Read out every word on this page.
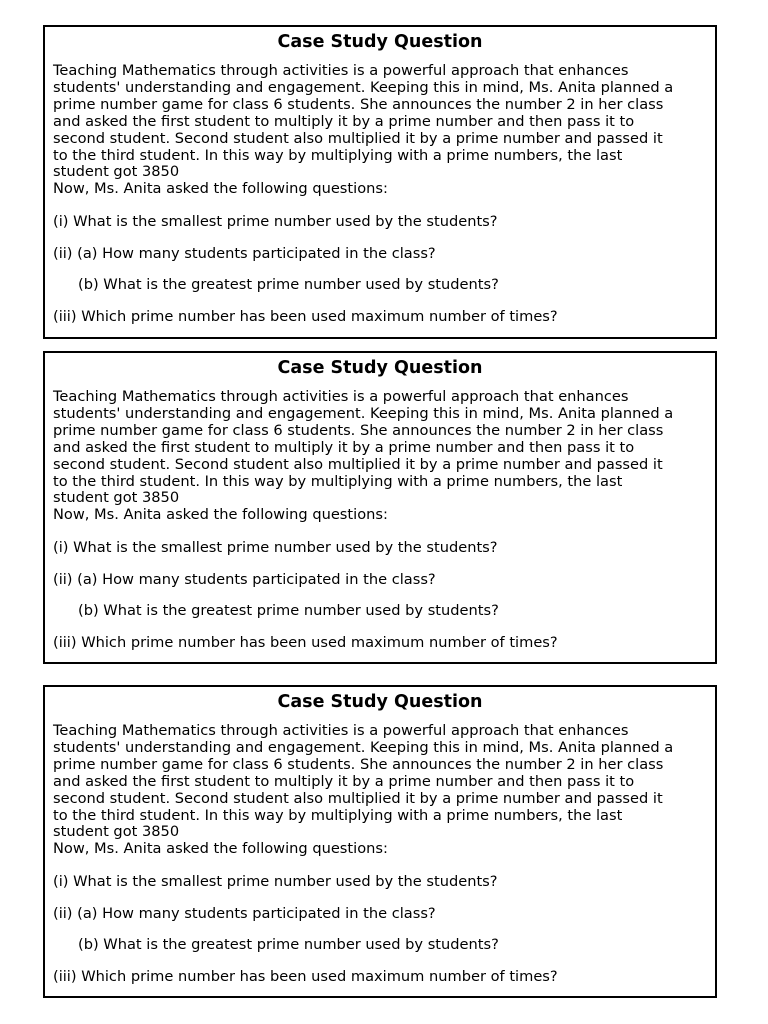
Case Study Question
Teaching Mathematics through activities is a powerful approach that enhances
students' understanding and engagement. Keeping this in mind, Ms. Anita planned a
prime number game for class 6 students. She announces the number 2 in her class
and asked the first student to multiply it by a prime number and then pass it to
second student. Second student also multiplied it by a prime number and passed it
to the third student. In this way by multiplying with a prime numbers, the last
student got 3850
Now, Ms. Anita asked the following questions:

(i) What is the smallest prime number used by the students?

(ii) (a) How many students participated in the class?

(b) What is the greatest prime number used by students?

(iii) Which prime number has been used maximum number of times?

Case Study Question
Teaching Mathematics through activities is a powerful approach that enhances
students' understanding and engagement. Keeping this in mind, Ms. Anita planned a
prime number game for class 6 students. She announces the number 2 in her class
and asked the first student to multiply it by a prime number and then pass it to
second student. Second student also multiplied it by a prime number and passed it
to the third student. In this way by multiplying with a prime numbers, the last
student got 3850
Now, Ms. Anita asked the following questions:

(i) What is the smallest prime number used by the students?

(ii) (a) How many students participated in the class?

(b) What is the greatest prime number used by students?

(iii) Which prime number has been used maximum number of times?

Case Study Question
Teaching Mathematics through activities is a powerful approach that enhances
students' understanding and engagement. Keeping this in mind, Ms. Anita planned a
prime number game for class 6 students. She announces the number 2 in her class
and asked the first student to multiply it by a prime number and then pass it to
second student. Second student also multiplied it by a prime number and passed it
to the third student. In this way by multiplying with a prime numbers, the last
student got 3850
Now, Ms. Anita asked the following questions:

(i) What is the smallest prime number used by the students?

(ii) (a) How many students participated in the class?

(b) What is the greatest prime number used by students?

(iii) Which prime number has been used maximum number of times?
